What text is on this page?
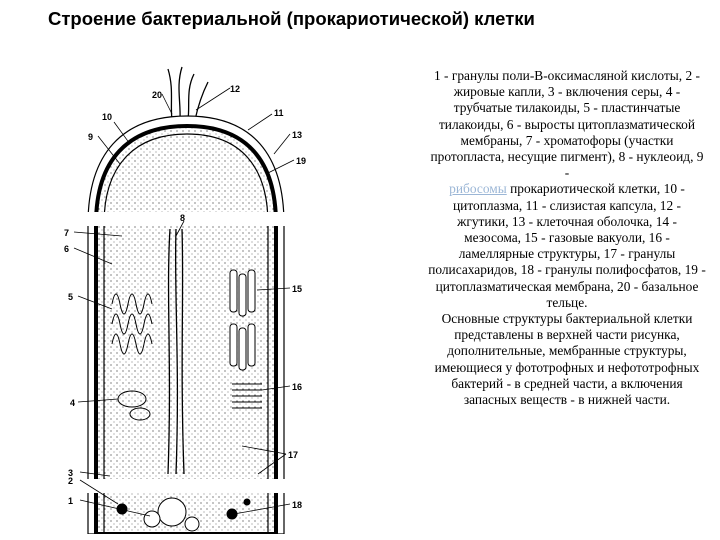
Строение бактериальной (прокариотической) клетки
20
12
10	11
9	13
19
8
7
6
5
15
4
16
3
17
2
1	18

1 - гранулы поли-В-оксимасляной кислоты, 2 - жировые капли, 3 - включения серы, 4 - трубчатые тилакоиды, 5 - пластинчатые тилакоиды, 6 - выросты цитоплазматической мембраны, 7 - хроматофоры (участки протопласта, несущие пигмент), 8 - нуклеоид, 9 -
рибосомы прокариотической клетки, 10 - цитоплазма, 11 - слизистая капсула, 12 - жгутики, 13 - клеточная оболочка, 14 - мезосома, 15 - газовые вакуоли, 16 - ламеллярные структуры, 17 - гранулы полисахаридов, 18 - гранулы полифосфатов, 19 - цитоплазматическая мембрана, 20 - базальное тельце.

Основные структуры бактериальной клетки представлены в верхней части рисунка, дополнительные, мембранные структуры, имеющиеся у фототрофных и нефототрофных бактерий - в средней части, а включения запасных веществ - в нижней части.
